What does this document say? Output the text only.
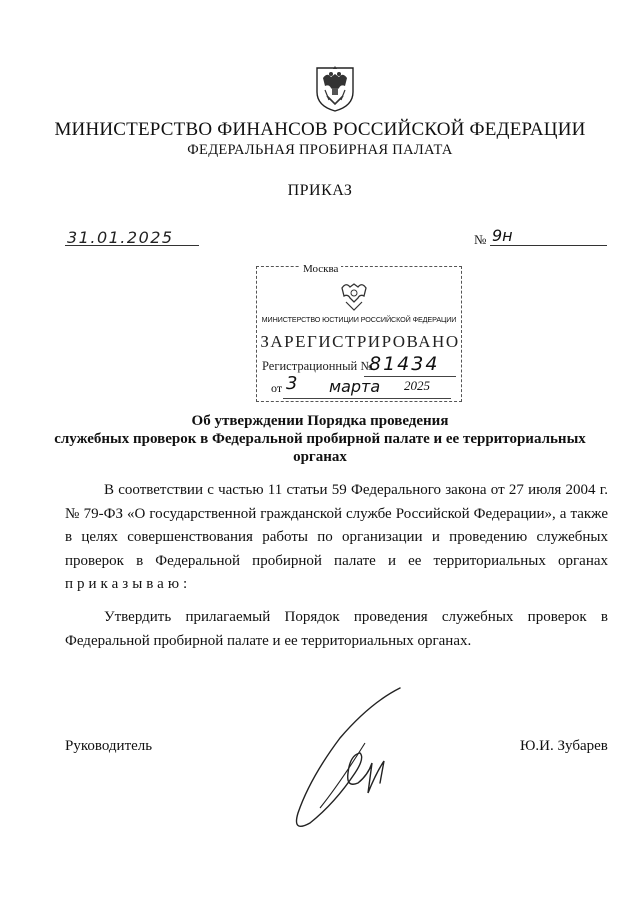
МИНИСТЕРСТВО ФИНАНСОВ РОССИЙСКОЙ ФЕДЕРАЦИИ
ФЕДЕРАЛЬНАЯ ПРОБИРНАЯ ПАЛАТА
ПРИКАЗ
31.01.2025	№ 9н
Москва
МИНИСТЕРСТВО ЮСТИЦИИ РОССИЙСКОЙ ФЕДЕРАЦИИ
ЗАРЕГИСТРИРОВАНО
Регистрационный №
81434
от 3 марта 2025
Об утверждении Порядка проведения
служебных проверок в Федеральной пробирной палате и ее территориальных
органах
В соответствии с частью 11 статьи 59 Федерального закона от 27 июля 2004 г. № 79-ФЗ «О государственной гражданской службе Российской Федерации», а также в целях совершенствования работы по организации и проведению служебных проверок в Федеральной пробирной палате и ее территориальных органах приказываю:
Утвердить прилагаемый Порядок проведения служебных проверок в Федеральной пробирной палате и ее территориальных органах.
Руководитель	Ю.И. Зубарев
